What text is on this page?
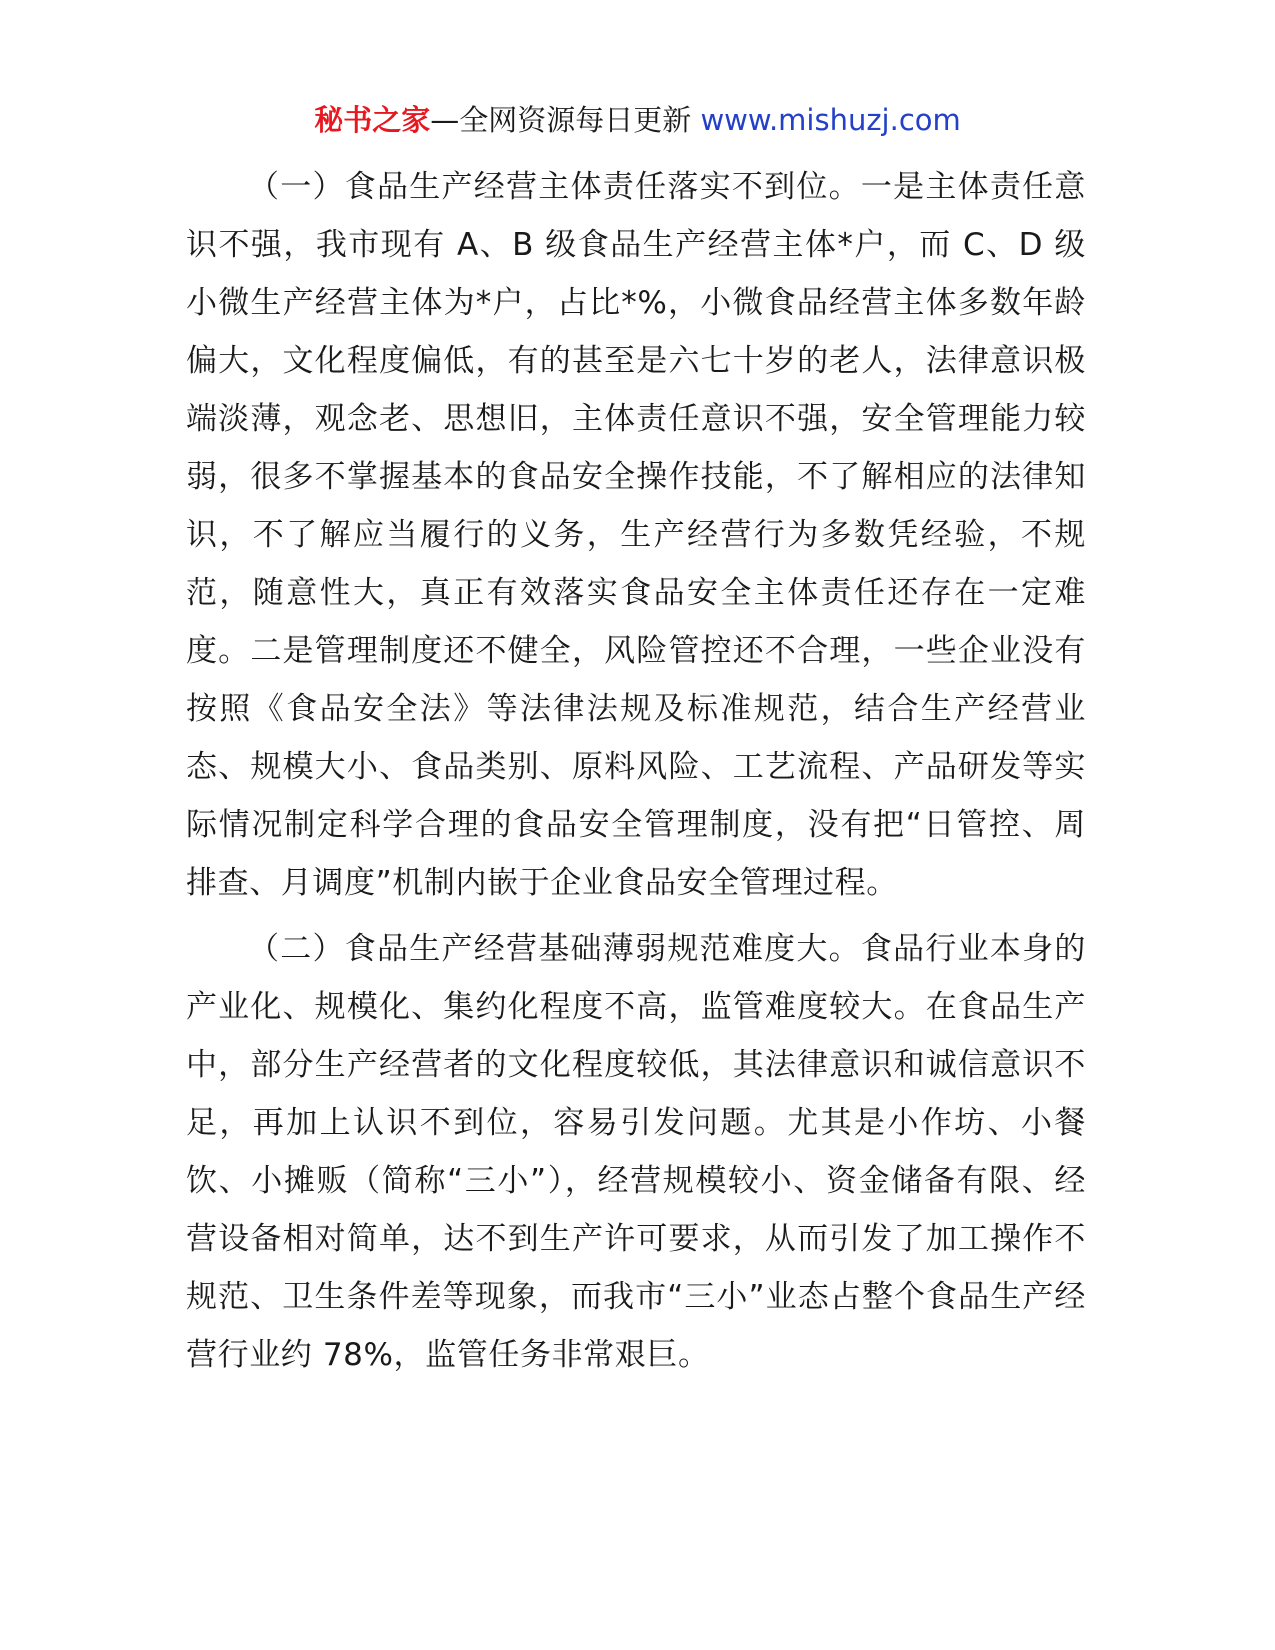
秘书之家—全网资源每日更新 www.mishuzj.com

（一）食品生产经营主体责任落实不到位。一是主体责任意识不强，我市现有 A、B 级食品生产经营主体*户，而 C、D 级小微生产经营主体为*户，占比*%，小微食品经营主体多数年龄偏大，文化程度偏低，有的甚至是六七十岁的老人，法律意识极端淡薄，观念老、思想旧，主体责任意识不强，安全管理能力较弱，很多不掌握基本的食品安全操作技能，不了解相应的法律知识，不了解应当履行的义务，生产经营行为多数凭经验，不规范，随意性大，真正有效落实食品安全主体责任还存在一定难度。二是管理制度还不健全，风险管控还不合理，一些企业没有按照《食品安全法》等法律法规及标准规范，结合生产经营业态、规模大小、食品类别、原料风险、工艺流程、产品研发等实际情况制定科学合理的食品安全管理制度，没有把“日管控、周排查、月调度”机制内嵌于企业食品安全管理过程。

（二）食品生产经营基础薄弱规范难度大。食品行业本身的产业化、规模化、集约化程度不高，监管难度较大。在食品生产中，部分生产经营者的文化程度较低，其法律意识和诚信意识不足，再加上认识不到位，容易引发问题。尤其是小作坊、小餐饮、小摊贩（简称“三小”），经营规模较小、资金储备有限、经营设备相对简单，达不到生产许可要求，从而引发了加工操作不规范、卫生条件差等现象，而我市“三小”业态占整个食品生产经营行业约 78%，监管任务非常艰巨。
